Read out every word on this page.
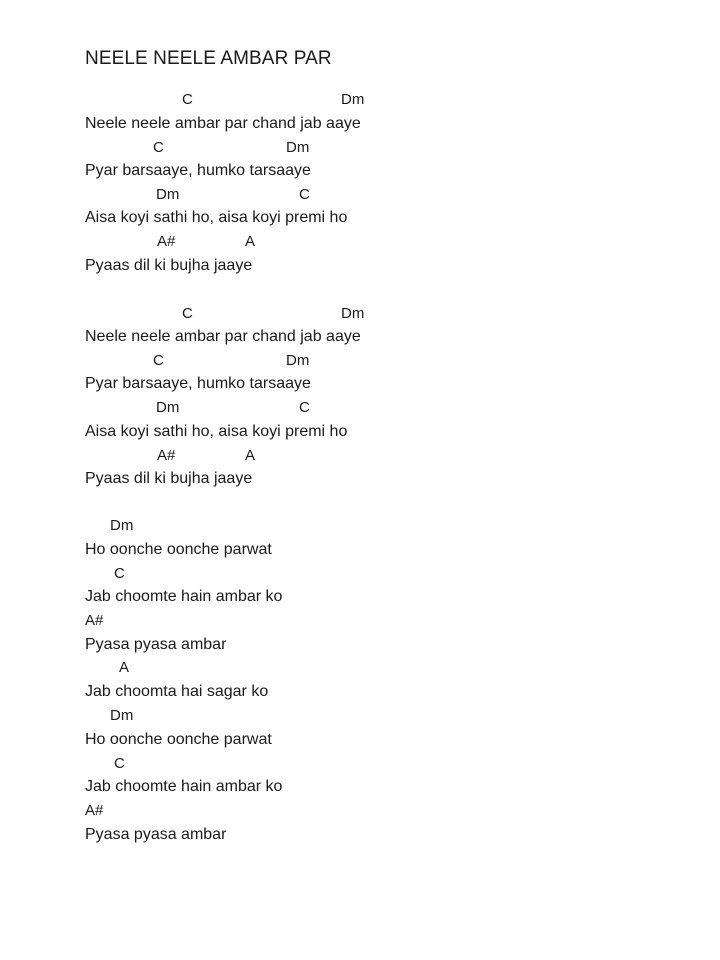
NEELE NEELE AMBAR PAR
C	Dm
Neele neele ambar par chand jab aaye
C	Dm
Pyar barsaaye, humko tarsaaye
Dm	C
Aisa koyi sathi ho, aisa koyi premi ho
A#	A
Pyaas dil ki bujha jaaye
C	Dm
Neele neele ambar par chand jab aaye
C	Dm
Pyar barsaaye, humko tarsaaye
Dm	C
Aisa koyi sathi ho, aisa koyi premi ho
A#	A
Pyaas dil ki bujha jaaye
Dm
Ho oonche oonche parwat
C
Jab choomte hain ambar ko
A#
Pyasa pyasa ambar
A
Jab choomta hai sagar ko
Dm
Ho oonche oonche parwat
C
Jab choomte hain ambar ko
A#
Pyasa pyasa ambar
